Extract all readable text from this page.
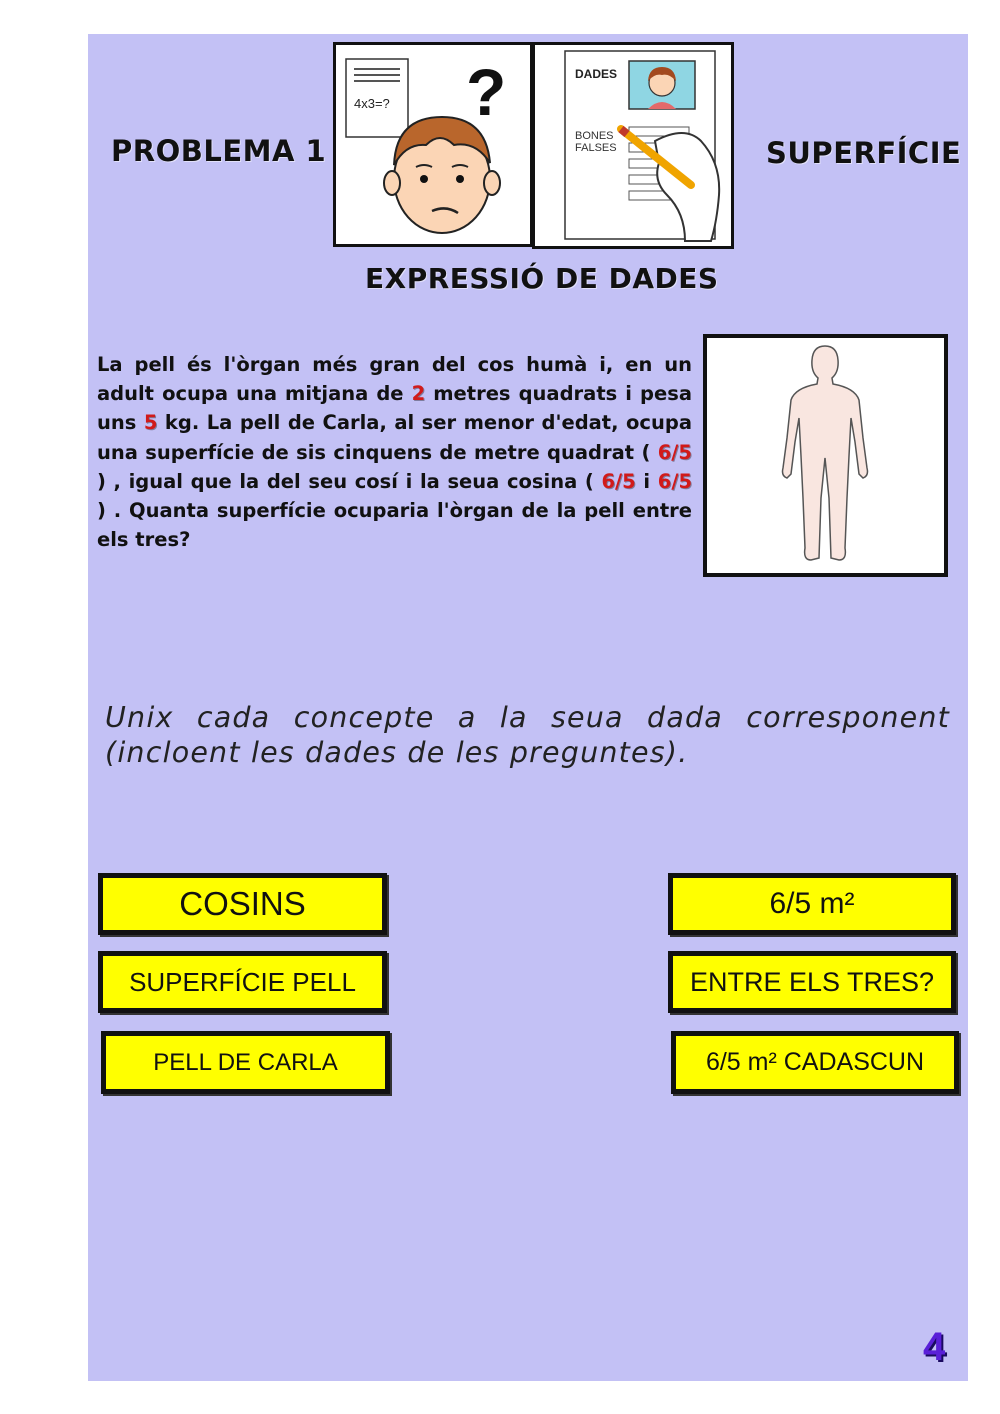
PROBLEMA 1	SUPERFÍCIE
EXPRESSIÓ DE DADES
4x3=? ?	DADES
BONES
FALSES

La pell és l'òrgan més gran del cos humà i, en un adult ocupa una mitjana de 2 metres quadrats i pesa uns 5 kg. La pell de Carla, al ser menor d'edat, ocupa una superfície de sis cinquens de metre quadrat ( 6/5 ) , igual que la del seu cosí i la seua cosina ( 6/5 i 6/5 ) . Quanta superfície ocuparia l'òrgan de la pell entre els tres?

Unix cada concepte a la seua dada corresponent (incloent les dades de les preguntes).

COSINS
SUPERFÍCIE PELL
PELL DE CARLA
6/5 m²
ENTRE ELS TRES?
6/5 m² CADASCUN
4
